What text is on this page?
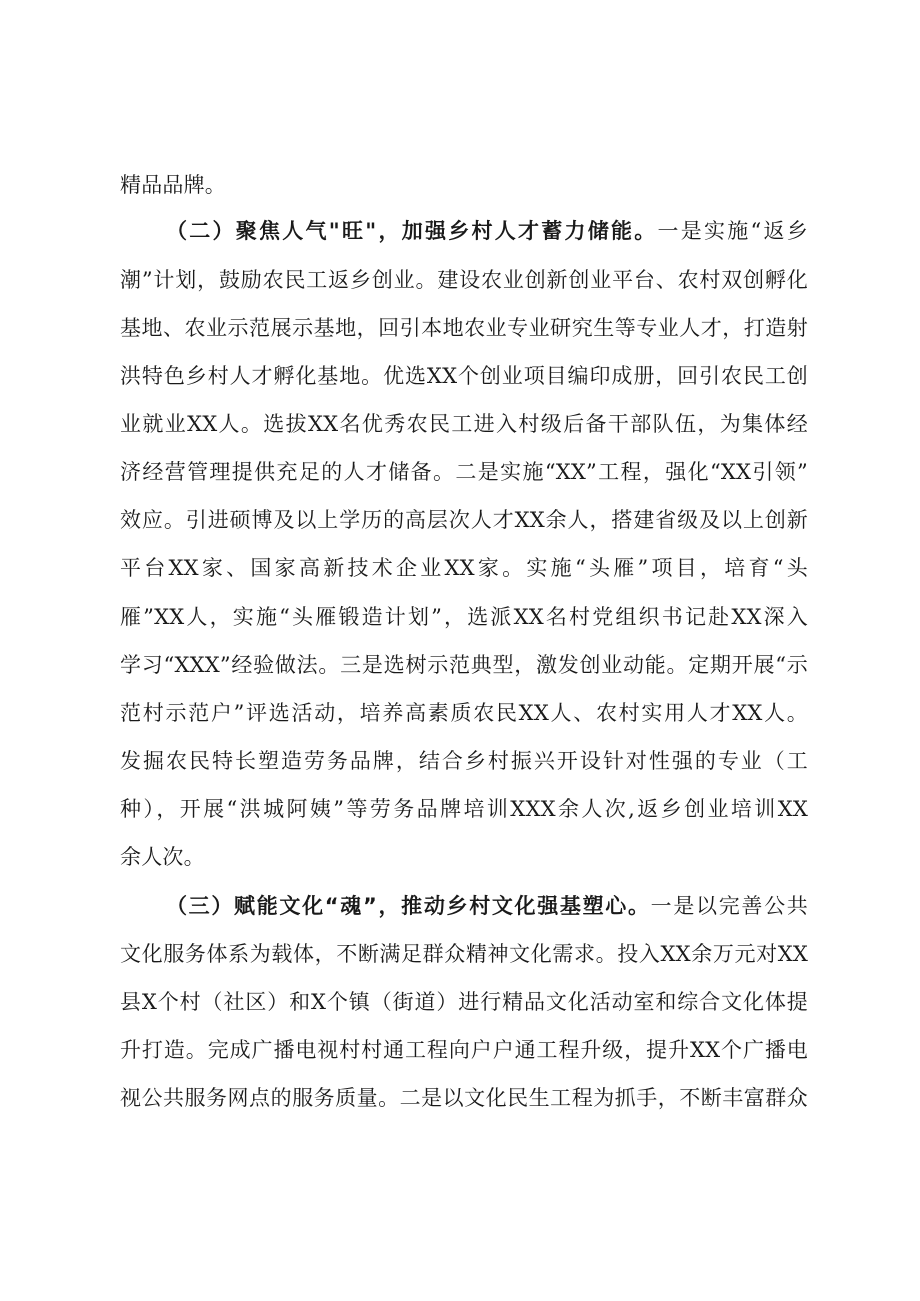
精品品牌。
（二）聚焦人气"旺"，加强乡村人才蓄力储能。一是实施“返乡
潮”计划，鼓励农民工返乡创业。建设农业创新创业平台、农村双创孵化
基地、农业示范展示基地，回引本地农业专业研究生等专业人才，打造射
洪特色乡村人才孵化基地。优选XX个创业项目编印成册，回引农民工创
业就业XX人。选拔XX名优秀农民工进入村级后备干部队伍，为集体经
济经营管理提供充足的人才储备。二是实施“XX”工程，强化“XX引领”
效应。引进硕博及以上学历的高层次人才XX余人，搭建省级及以上创新
平台XX家、国家高新技术企业XX家。实施“头雁”项目，培育“头
雁”XX人，实施“头雁锻造计划”，选派XX名村党组织书记赴XX深入
学习“XXX”经验做法。三是选树示范典型，激发创业动能。定期开展“示
范村示范户”评选活动，培养高素质农民XX人、农村实用人才XX人。
发掘农民特长塑造劳务品牌，结合乡村振兴开设针对性强的专业（工
种），开展“洪城阿姨”等劳务品牌培训XXX余人次,返乡创业培训XX
余人次。
（三）赋能文化“魂”，推动乡村文化强基塑心。一是以完善公共
文化服务体系为载体，不断满足群众精神文化需求。投入XX余万元对XX
县X个村（社区）和X个镇（街道）进行精品文化活动室和综合文化体提
升打造。完成广播电视村村通工程向户户通工程升级，提升XX个广播电
视公共服务网点的服务质量。二是以文化民生工程为抓手，不断丰富群众
